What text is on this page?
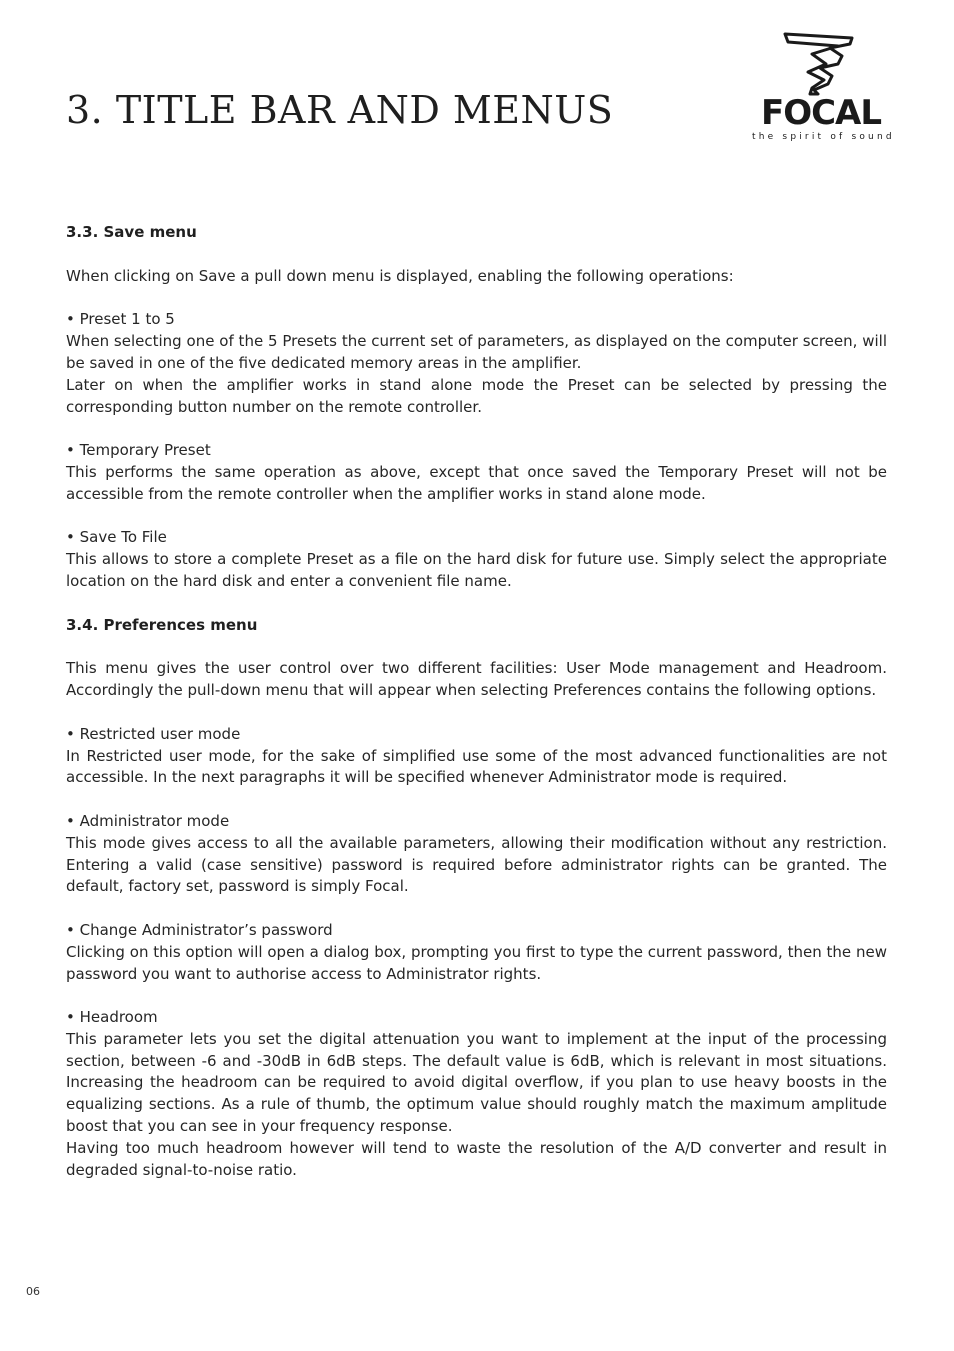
3. TITLE BAR AND MENUS	FOCAL
the spirit of sound
3.3. Save menu

When clicking on Save a pull down menu is displayed, enabling the following operations:

• Preset 1 to 5
When selecting one of the 5 Presets the current set of parameters, as displayed on the computer screen, will be saved in one of the five dedicated memory areas in the amplifier.
Later on when the amplifier works in stand alone mode the Preset can be selected by pressing the corresponding button number on the remote controller.
• Temporary Preset
This performs the same operation as above, except that once saved the Temporary Preset will not be accessible from the remote controller when the amplifier works in stand alone mode.
• Save To File
This allows to store a complete Preset as a file on the hard disk for future use. Simply select the appropriate location on the hard disk and enter a convenient file name.
3.4. Preferences menu

This menu gives the user control over two different facilities: User Mode management and Headroom. Accordingly the pull-down menu that will appear when selecting Preferences contains the following options.

• Restricted user mode
In Restricted user mode, for the sake of simplified use some of the most advanced functionalities are not accessible. In the next paragraphs it will be specified whenever Administrator mode is required.
• Administrator mode
This mode gives access to all the available parameters, allowing their modification without any restriction. Entering a valid (case sensitive) password is required before administrator rights can be granted. The default, factory set, password is simply Focal.
• Change Administrator’s password
Clicking on this option will open a dialog box, prompting you first to type the current password, then the new password you want to authorise access to Administrator rights.
• Headroom
This parameter lets you set the digital attenuation you want to implement at the input of the processing section, between -6 and -30dB in 6dB steps. The default value is 6dB, which is relevant in most situations. Increasing the headroom can be required to avoid digital overflow, if you plan to use heavy boosts in the equalizing sections. As a rule of thumb, the optimum value should roughly match the maximum amplitude boost that you can see in your frequency response.
Having too much headroom however will tend to waste the resolution of the A/D converter and result in degraded signal-to-noise ratio.
06
